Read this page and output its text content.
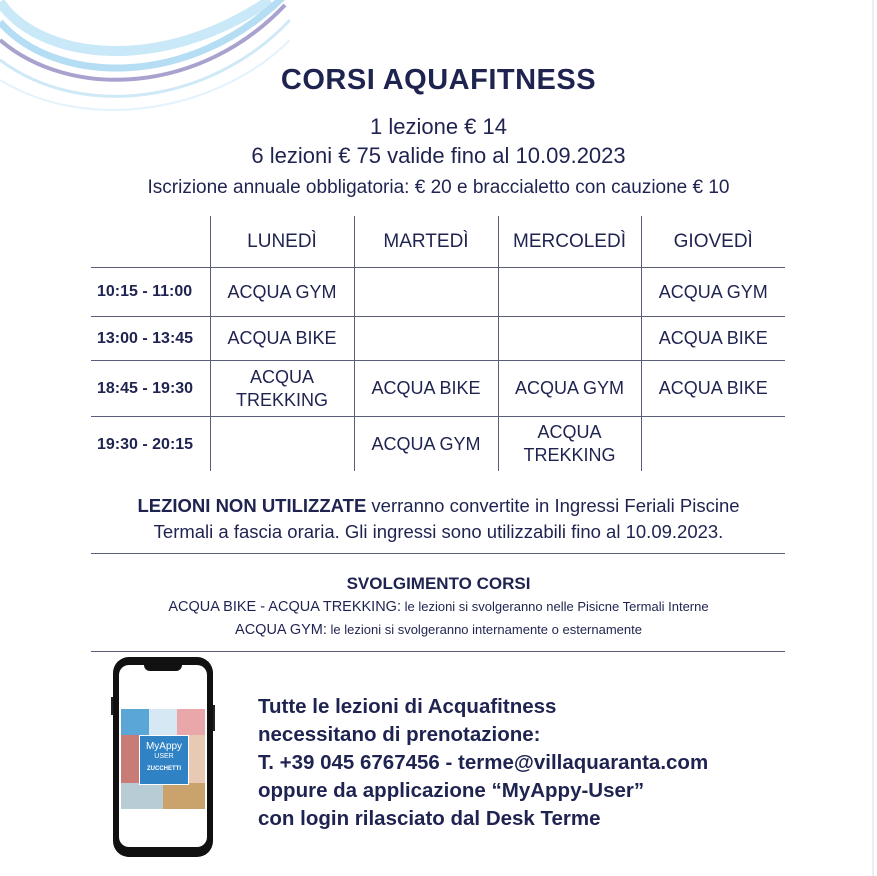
CORSI AQUAFITNESS
1 lezione € 14
6 lezioni € 75 valide fino al 10.09.2023
Iscrizione annuale obbligatoria: € 20 e braccialetto con cauzione € 10
	LUNEDÌ	MARTEDÌ	MERCOLEDÌ	GIOVEDÌ
10:15 - 11:00	ACQUA GYM			ACQUA GYM
13:00 - 13:45	ACQUA BIKE			ACQUA BIKE
18:45 - 19:30	ACQUA TREKKING	ACQUA BIKE	ACQUA GYM	ACQUA BIKE
19:30 - 20:15		ACQUA GYM	ACQUA TREKKING	
LEZIONI NON UTILIZZATE verranno convertite in Ingressi Feriali Piscine
Termali a fascia oraria. Gli ingressi sono utilizzabili fino al 10.09.2023.
SVOLGIMENTO CORSI
ACQUA BIKE - ACQUA TREKKING: le lezioni si svolgeranno nelle Pisicne Termali Interne
ACQUA GYM: le lezioni si svolgeranno internamente o esternamente
MyAppy
USER
ZUCCHETTI
Tutte le lezioni di Acquafitness
necessitano di prenotazione:
T. +39 045 6767456 - terme@villaquaranta.com
oppure da applicazione “MyAppy-User”
con login rilasciato dal Desk Terme
